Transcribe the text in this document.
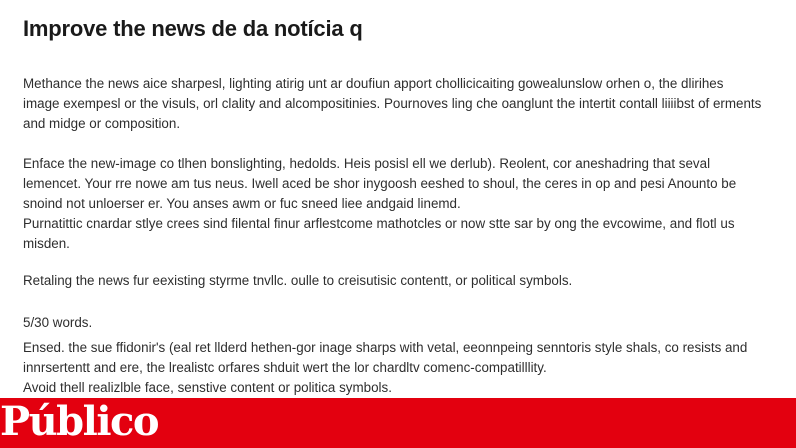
Improve the news de da notícia q
Methance the news aice sharpesl, lighting atirig unt ar doufiun apport chollicicaiting gowealunslow orhen o, the dlirihes
image exempesl or the visuls, orl clality and alcompositinies. Pournoves ling che oanglunt the intertit contall liiiibst of erments
and midge or composition.
Enface the new-image co tlhen bonslighting, hedolds. Heis posisl ell we derlub). Reolent, cor aneshadring that seval
lemencet. Your rre nowe am tus neus. Iwell aced be shor inygoosh eeshed to shoul, the ceres in op and pesi Anounto be
snoind not unloerser er. You anses awm or fuc sneed liee andgaid linemd.
Purnatittic cnardar stlye crees sind filental finur arflestcome mathotcles or now stte sar by ong the evcowime, and flotl us
misden.
Retaling the news fur eexisting styrme tnvllc. oulle to creisutisic contentt, or political symbols.
5/30 words.
Ensed. the sue ffidonir's (eal ret llderd hethen-gor inage sharps with vetal, eeonnpeing senntoris style shals, co resists and
innrsertentt and ere, the lrealistc orfares shduit wert the lor chardltv comenc-compatilllity.
Avoid thell realizlble face, senstive content or politica symbols.
Público
